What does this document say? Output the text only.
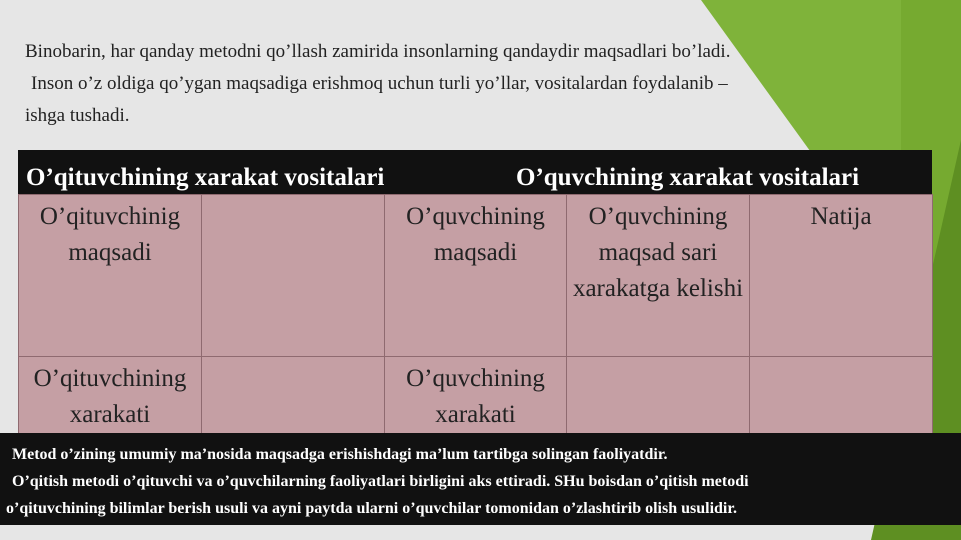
Binobarin, har qanday metodni qo’llash zamirida insonlarning qandaydir maqsadlari bo’ladi.

Inson o’z oldiga qo’ygan maqsadiga erishmoq uchun turli yo’llar, vositalardan foydalanib –

ishga tushadi.

O’qituvchining xarakat vositalari	O’quvchining xarakat vositalari
O’qituvchinig maqsadi		O’quvchining maqsadi	O’quvchining maqsad sari xarakatga kelishi	Natija
O’qituvchining xarakati		O’quvchining xarakati		

Metod o’zining umumiy ma’nosida maqsadga erishishdagi ma’lum tartibga solingan faoliyatdir.

O’qitish metodi o’qituvchi va o’quvchilarning faoliyatlari birligini aks ettiradi. SHu boisdan o’qitish metodi

o’qituvchining bilimlar berish usuli va ayni paytda ularni o’quvchilar tomonidan o’zlashtirib olish usulidir.
